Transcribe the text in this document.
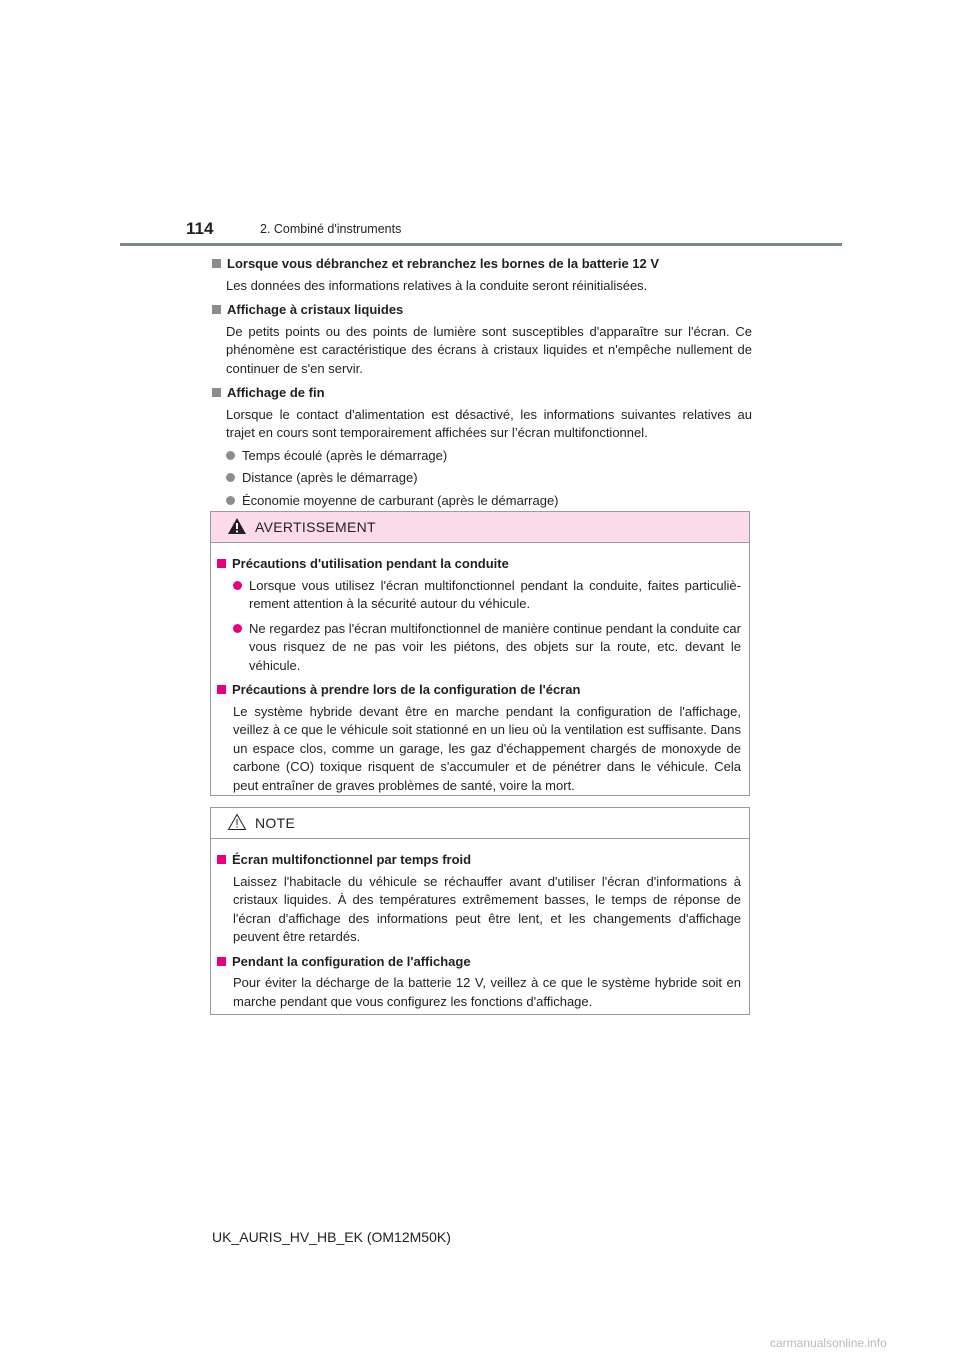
114	2. Combiné d'instruments

Lorsque vous débranchez et rebranchez les bornes de la batterie 12 V

Les données des informations relatives à la conduite seront réinitialisées.

Affichage à cristaux liquides

De petits points ou des points de lumière sont susceptibles d'apparaître sur l'écran. Ce phénomène est caractéristique des écrans à cristaux liquides et n'empêche nullement de continuer de s'en servir.

Affichage de fin

Lorsque le contact d'alimentation est désactivé, les informations suivantes relatives au trajet en cours sont temporairement affichées sur l’écran multifonctionnel.

Temps écoulé (après le démarrage)
Distance (après le démarrage)
Économie moyenne de carburant (après le démarrage)
AVERTISSEMENT

Précautions d'utilisation pendant la conduite

Lorsque vous utilisez l'écran multifonctionnel pendant la conduite, faites particuliè-rement attention à la sécurité autour du véhicule.
Ne regardez pas l'écran multifonctionnel de manière continue pendant la conduite car vous risquez de ne pas voir les piétons, des objets sur la route, etc. devant le véhicule.

Précautions à prendre lors de la configuration de l'écran

Le système hybride devant être en marche pendant la configuration de l'affichage, veillez à ce que le véhicule soit stationné en un lieu où la ventilation est suffisante. Dans un espace clos, comme un garage, les gaz d'échappement chargés de monoxyde de carbone (CO) toxique risquent de s'accumuler et de pénétrer dans le véhicule. Cela peut entraîner de graves problèmes de santé, voire la mort.

NOTE

Écran multifonctionnel par temps froid

Laissez l'habitacle du véhicule se réchauffer avant d'utiliser l'écran d'informations à cristaux liquides. À des températures extrêmement basses, le temps de réponse de l'écran d'affichage des informations peut être lent, et les changements d'affichage peuvent être retardés.

Pendant la configuration de l'affichage

Pour éviter la décharge de la batterie 12 V, veillez à ce que le système hybride soit en marche pendant que vous configurez les fonctions d'affichage.

UK_AURIS_HV_HB_EK (OM12M50K)
carmanualsonline.info
